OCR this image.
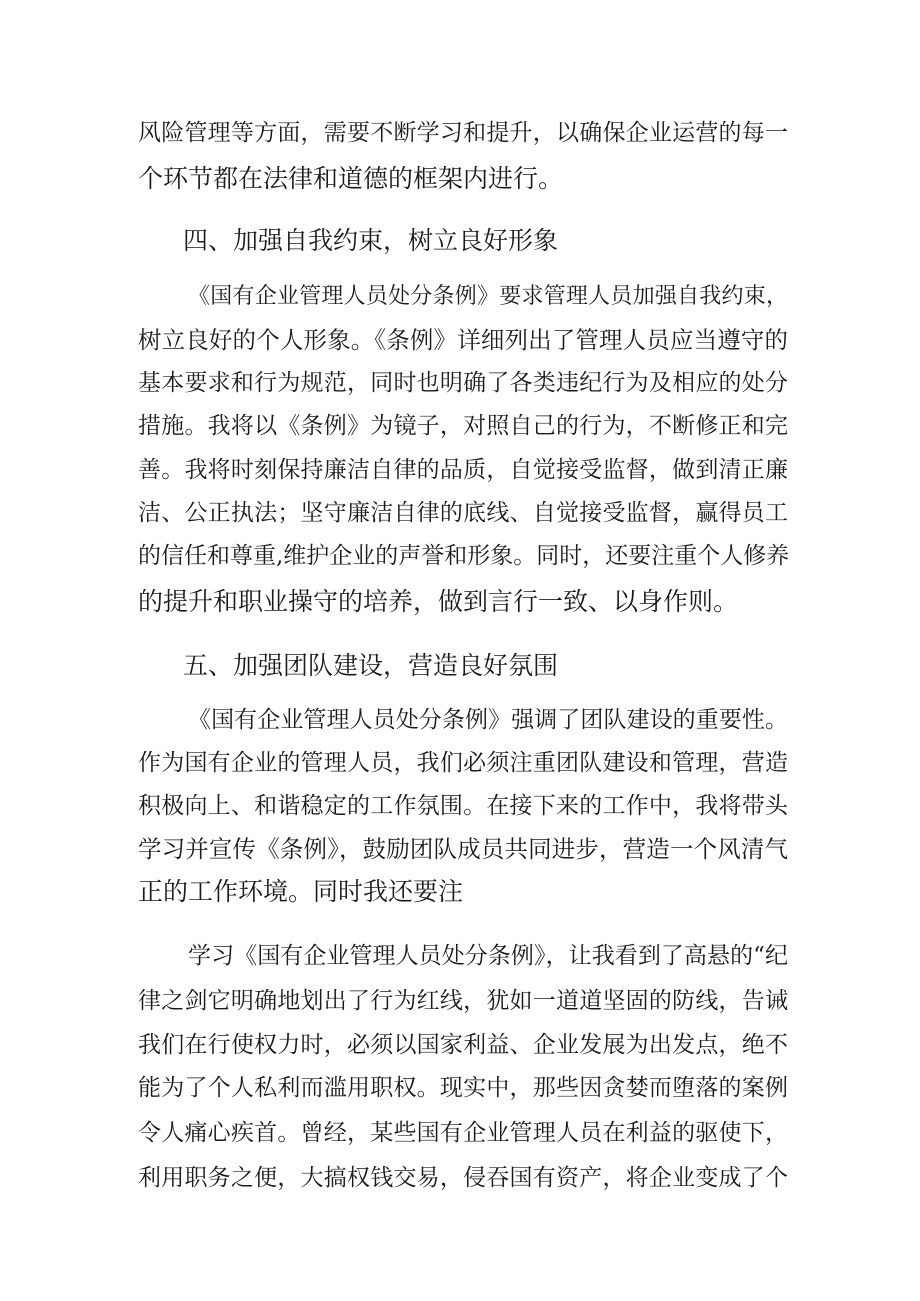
风险管理等方面，需要不断学习和提升，以确保企业运营的每一
个环节都在法律和道德的框架内进行。
四、加强自我约束，树立良好形象
《国有企业管理人员处分条例》要求管理人员加强自我约束，
树立良好的个人形象。《条例》详细列出了管理人员应当遵守的
基本要求和行为规范，同时也明确了各类违纪行为及相应的处分
措施。我将以《条例》为镜子，对照自己的行为，不断修正和完
善。我将时刻保持廉洁自律的品质，自觉接受监督，做到清正廉
洁、公正执法；坚守廉洁自律的底线、自觉接受监督，赢得员工
的信任和尊重,维护企业的声誉和形象。同时，还要注重个人修养
的提升和职业操守的培养，做到言行一致、以身作则。
五、加强团队建设，营造良好氛围
《国有企业管理人员处分条例》强调了团队建设的重要性。
作为国有企业的管理人员，我们必须注重团队建设和管理，营造
积极向上、和谐稳定的工作氛围。在接下来的工作中，我将带头
学习并宣传《条例》，鼓励团队成员共同进步，营造一个风清气
正的工作环境。同时我还要注
学习《国有企业管理人员处分条例》，让我看到了高悬的“纪
律之剑它明确地划出了行为红线，犹如一道道坚固的防线，告诫
我们在行使权力时，必须以国家利益、企业发展为出发点，绝不
能为了个人私利而滥用职权。现实中，那些因贪婪而堕落的案例
令人痛心疾首。曾经，某些国有企业管理人员在利益的驱使下，
利用职务之便，大搞权钱交易，侵吞国有资产，将企业变成了个
